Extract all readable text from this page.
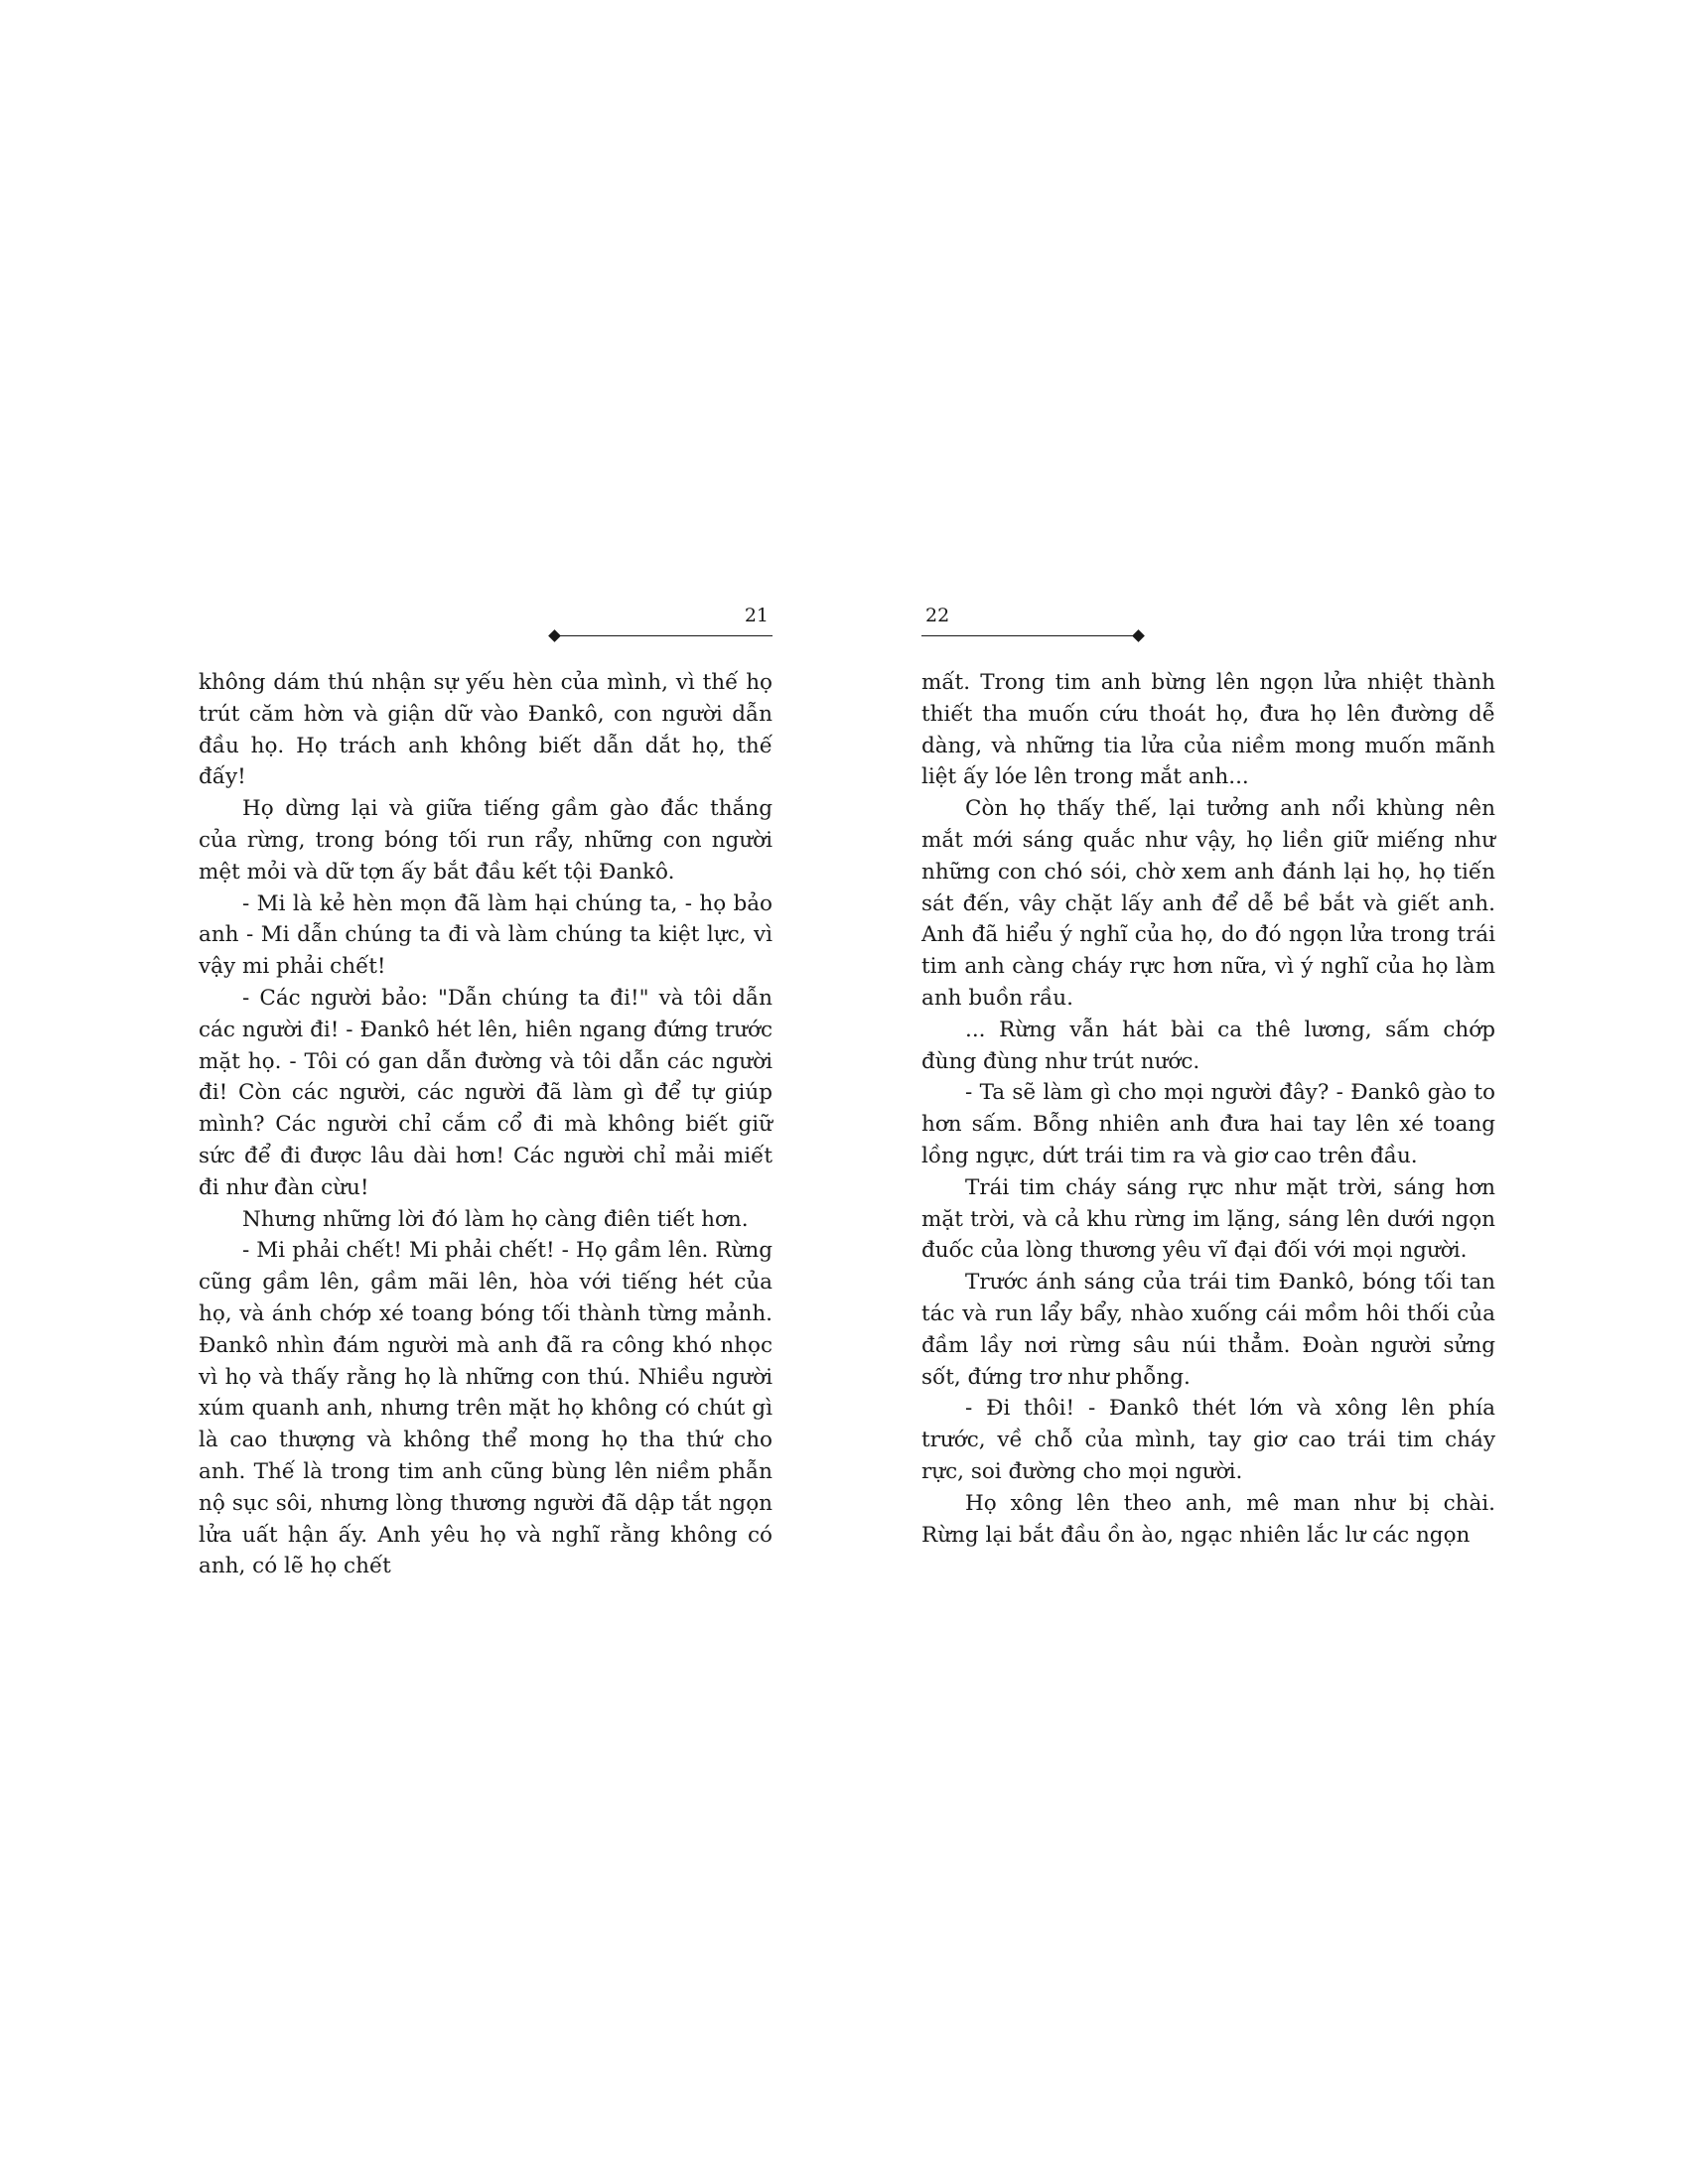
21

không dám thú nhận sự yếu hèn của mình, vì thế họ trút căm hờn và giận dữ vào Đankô, con người dẫn đầu họ. Họ trách anh không biết dẫn dắt họ, thế đấy!

Họ dừng lại và giữa tiếng gầm gào đắc thắng của rừng, trong bóng tối run rẩy, những con người mệt mỏi và dữ tợn ấy bắt đầu kết tội Đankô.

- Mi là kẻ hèn mọn đã làm hại chúng ta, - họ bảo anh - Mi dẫn chúng ta đi và làm chúng ta kiệt lực, vì vậy mi phải chết!

- Các người bảo: "Dẫn chúng ta đi!" và tôi dẫn các người đi! - Đankô hét lên, hiên ngang đứng trước mặt họ. - Tôi có gan dẫn đường và tôi dẫn các người đi! Còn các người, các người đã làm gì để tự giúp mình? Các người chỉ cắm cổ đi mà không biết giữ sức để đi được lâu dài hơn! Các người chỉ mải miết đi như đàn cừu!

Nhưng những lời đó làm họ càng điên tiết hơn.

- Mi phải chết! Mi phải chết! - Họ gầm lên. Rừng cũng gầm lên, gầm mãi lên, hòa với tiếng hét của họ, và ánh chớp xé toang bóng tối thành từng mảnh. Đankô nhìn đám người mà anh đã ra công khó nhọc vì họ và thấy rằng họ là những con thú. Nhiều người xúm quanh anh, nhưng trên mặt họ không có chút gì là cao thượng và không thể mong họ tha thứ cho anh. Thế là trong tim anh cũng bùng lên niềm phẫn nộ sục sôi, nhưng lòng thương người đã dập tắt ngọn lửa uất hận ấy. Anh yêu họ và nghĩ rằng không có anh, có lẽ họ chết

22

mất. Trong tim anh bừng lên ngọn lửa nhiệt thành thiết tha muốn cứu thoát họ, đưa họ lên đường dễ dàng, và những tia lửa của niềm mong muốn mãnh liệt ấy lóe lên trong mắt anh...

Còn họ thấy thế, lại tưởng anh nổi khùng nên mắt mới sáng quắc như vậy, họ liền giữ miếng như những con chó sói, chờ xem anh đánh lại họ, họ tiến sát đến, vây chặt lấy anh để dễ bề bắt và giết anh. Anh đã hiểu ý nghĩ của họ, do đó ngọn lửa trong trái tim anh càng cháy rực hơn nữa, vì ý nghĩ của họ làm anh buồn rầu.

... Rừng vẫn hát bài ca thê lương, sấm chớp đùng đùng như trút nước.

- Ta sẽ làm gì cho mọi người đây? - Đankô gào to hơn sấm. Bỗng nhiên anh đưa hai tay lên xé toang lồng ngực, dứt trái tim ra và giơ cao trên đầu.

Trái tim cháy sáng rực như mặt trời, sáng hơn mặt trời, và cả khu rừng im lặng, sáng lên dưới ngọn đuốc của lòng thương yêu vĩ đại đối với mọi người.

Trước ánh sáng của trái tim Đankô, bóng tối tan tác và run lẩy bẩy, nhào xuống cái mồm hôi thối của đầm lầy nơi rừng sâu núi thẳm. Đoàn người sửng sốt, đứng trơ như phỗng.

- Đi thôi! - Đankô thét lớn và xông lên phía trước, về chỗ của mình, tay giơ cao trái tim cháy rực, soi đường cho mọi người.

Họ xông lên theo anh, mê man như bị chài. Rừng lại bắt đầu ồn ào, ngạc nhiên lắc lư các ngọn
